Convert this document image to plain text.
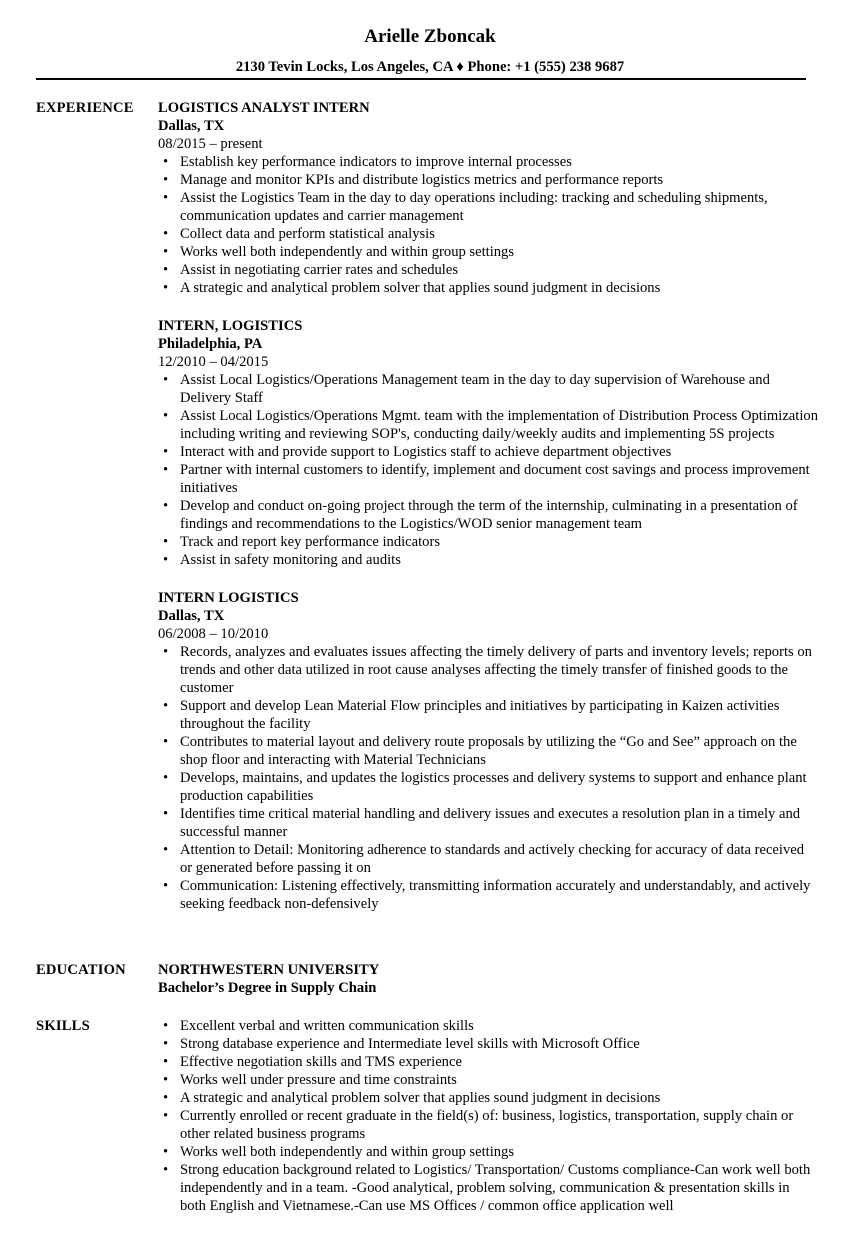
Arielle Zboncak
2130 Tevin Locks, Los Angeles, CA ♦ Phone: +1 (555) 238 9687
EXPERIENCE LOGISTICS ANALYST INTERN
Dallas, TX
08/2015 – present
• Establish key performance indicators to improve internal processes
• Manage and monitor KPIs and distribute logistics metrics and performance reports
• Assist the Logistics Team in the day to day operations including: tracking and scheduling shipments, communication updates and carrier management
• Collect data and perform statistical analysis
• Works well both independently and within group settings
• Assist in negotiating carrier rates and schedules
• A strategic and analytical problem solver that applies sound judgment in decisions
INTERN, LOGISTICS
Philadelphia, PA
12/2010 – 04/2015
• Assist Local Logistics/Operations Management team in the day to day supervision of Warehouse and Delivery Staff
• Assist Local Logistics/Operations Mgmt. team with the implementation of Distribution Process Optimization including writing and reviewing SOP's, conducting daily/weekly audits and implementing 5S projects
• Interact with and provide support to Logistics staff to achieve department objectives
• Partner with internal customers to identify, implement and document cost savings and process improvement initiatives
• Develop and conduct on-going project through the term of the internship, culminating in a presentation of findings and recommendations to the Logistics/WOD senior management team
• Track and report key performance indicators
• Assist in safety monitoring and audits
INTERN LOGISTICS
Dallas, TX
06/2008 – 10/2010
• Records, analyzes and evaluates issues affecting the timely delivery of parts and inventory levels; reports on trends and other data utilized in root cause analyses affecting the timely transfer of finished goods to the customer
• Support and develop Lean Material Flow principles and initiatives by participating in Kaizen activities throughout the facility
• Contributes to material layout and delivery route proposals by utilizing the “Go and See” approach on the shop floor and interacting with Material Technicians
• Develops, maintains, and updates the logistics processes and delivery systems to support and enhance plant production capabilities
• Identifies time critical material handling and delivery issues and executes a resolution plan in a timely and successful manner
• Attention to Detail: Monitoring adherence to standards and actively checking for accuracy of data received or generated before passing it on
• Communication: Listening effectively, transmitting information accurately and understandably, and actively seeking feedback non-defensively
EDUCATION NORTHWESTERN UNIVERSITY
Bachelor’s Degree in Supply Chain
SKILLS
•	Excellent verbal and written communication skills
• Strong database experience and Intermediate level skills with Microsoft Office
• Effective negotiation skills and TMS experience
• Works well under pressure and time constraints
• A strategic and analytical problem solver that applies sound judgment in decisions
• Currently enrolled or recent graduate in the field(s) of: business, logistics, transportation, supply chain or other related business programs
• Works well both independently and within group settings
• Strong education background related to Logistics/ Transportation/ Customs compliance-Can work well both independently and in a team. -Good analytical, problem solving, communication & presentation skills in both English and Vietnamese.-Can use MS Offices / common office application well
